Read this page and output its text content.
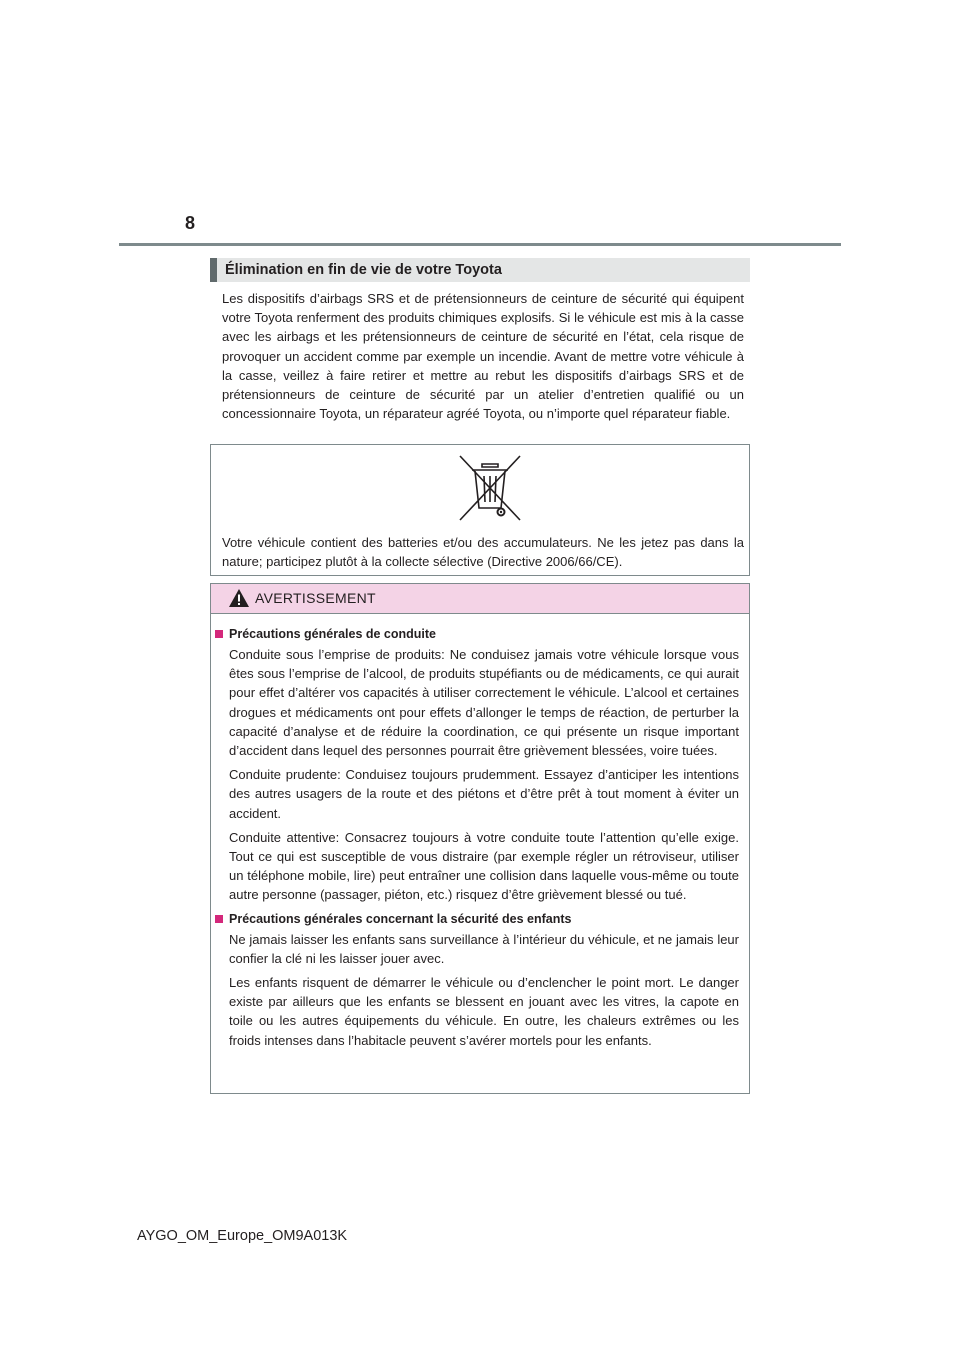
8
Élimination en fin de vie de votre Toyota

Les dispositifs d’airbags SRS et de prétensionneurs de ceinture de sécurité qui équipent votre Toyota renferment des produits chimiques explosifs. Si le véhicule est mis à la casse avec les airbags et les prétensionneurs de ceinture de sécurité en l’état, cela risque de provoquer un accident comme par exemple un incendie. Avant de mettre votre véhicule à la casse, veillez à faire retirer et mettre au rebut les dispositifs d’airbags SRS et de prétensionneurs de ceinture de sécurité par un atelier d’entretien qualifié ou un concessionnaire Toyota, un réparateur agréé Toyota, ou n’importe quel réparateur fiable.

Votre véhicule contient des batteries et/ou des accumulateurs. Ne les jetez pas dans la nature; participez plutôt à la collecte sélective (Directive 2006/66/CE).

AVERTISSEMENT
Précautions générales de conduite

Conduite sous l’emprise de produits: Ne conduisez jamais votre véhicule lorsque vous êtes sous l’emprise de l’alcool, de produits stupéfiants ou de médicaments, ce qui aurait pour effet d’altérer vos capacités à utiliser correctement le véhicule. L’alcool et certaines drogues et médicaments ont pour effets d’allonger le temps de réaction, de perturber la capacité d’analyse et de réduire la coordination, ce qui présente un risque important d’accident dans lequel des personnes pourrait être grièvement blessées, voire tuées.

Conduite prudente: Conduisez toujours prudemment. Essayez d’anticiper les intentions des autres usagers de la route et des piétons et d’être prêt à tout moment à éviter un accident.

Conduite attentive: Consacrez toujours à votre conduite toute l’attention qu’elle exige. Tout ce qui est susceptible de vous distraire (par exemple régler un rétroviseur, utiliser un téléphone mobile, lire) peut entraîner une collision dans laquelle vous-même ou toute autre personne (passager, piéton, etc.) risquez d’être grièvement blessé ou tué.

Précautions générales concernant la sécurité des enfants

Ne jamais laisser les enfants sans surveillance à l’intérieur du véhicule, et ne jamais leur confier la clé ni les laisser jouer avec.

Les enfants risquent de démarrer le véhicule ou d’enclencher le point mort. Le danger existe par ailleurs que les enfants se blessent en jouant avec les vitres, la capote en toile ou les autres équipements du véhicule. En outre, les chaleurs extrêmes ou les froids intenses dans l’habitacle peuvent s’avérer mortels pour les enfants.

AYGO_OM_Europe_OM9A013K
